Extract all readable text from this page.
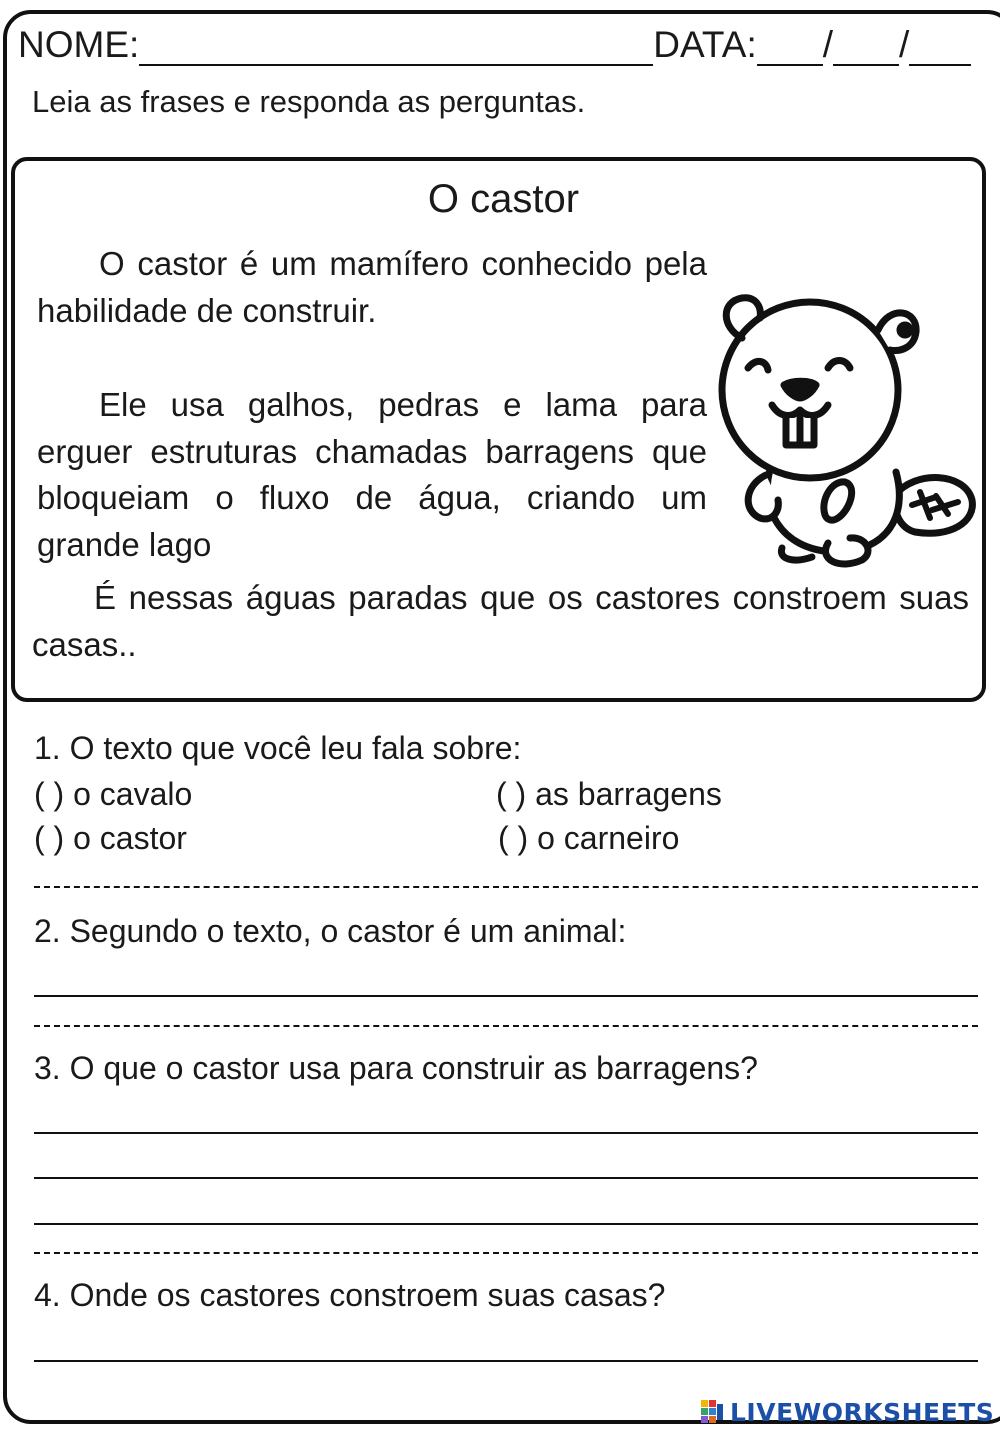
NOME:	DATA: / /
Leia as frases e responda as perguntas.
O castor
O castor é um mamífero conhecido pela habilidade de construir.
Ele usa galhos, pedras e lama para erguer estruturas chamadas barragens que bloqueiam o fluxo de água, criando um grande lago
É nessas águas paradas que os castores constroem suas casas..
1. O texto que você leu fala sobre:
( ) o cavalo	( ) as barragens
( ) o castor	( ) o carneiro
2. Segundo o texto, o castor é um animal:
3. O que o castor usa para construir as barragens?
4. Onde os castores constroem suas casas?
LIVEWORKSHEETS
